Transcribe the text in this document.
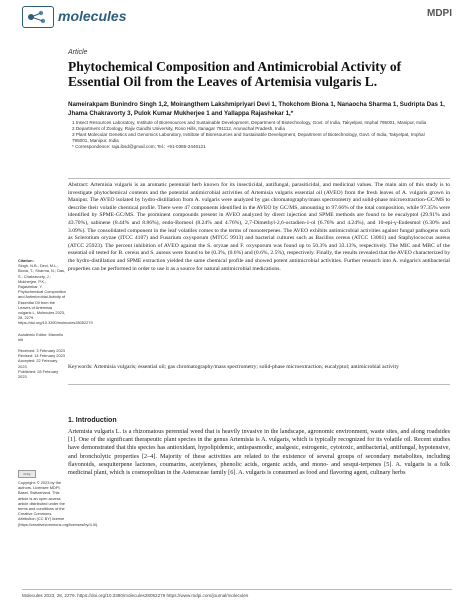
molecules	MDPI
Article
Phytochemical Composition and Antimicrobial Activity of Essential Oil from the Leaves of Artemisia vulgaris L.
Nameirakpam Bunindro Singh 1,2, Moirangthem Lakshmipriyari Devi 1, Thokchom Biona 1, Nanaocha Sharma 1, Sudripta Das 1, Jhama Chakravorty 3, Pulok Kumar Mukherjee 1 and Yallappa Rajashekar 1,*
1 Insect Resources Laboratory, Institute of Bioresources and Sustainable Development, Department of Biotechnology, Govt. of India, Takyelpat, Imphal 795001, Manipur, India
2 Department of Zoology, Rajiv Gandhi University, Rono Hills, Itanagar 791112, Arunachal Pradesh, India
3 Plant Molecular Genetics and Genomics Laboratory, Institute of Bioresources and Sustainable Development, Department of Biotechnology, Govt. of India, Takyelpat, Imphal 795001, Manipur, India
* Correspondence: raja.ibsd@gmail.com; Tel.: +91-0385-2446121
Abstract: Artemisia vulgaris is an aromatic perennial herb known for its insecticidal, antifungal, parasiticidal, and medicinal values. The main aim of this study is to investigate phytochemical contents and the potential antimicrobial activities of Artemisia vulgaris essential oil (AVEO) from the fresh leaves of A. vulgaris grown in Manipur. The AVEO isolated by hydro-distillation from A. vulgaris were analyzed by gas chromatography/mass spectrometry and solid-phase microextraction-GC/MS to describe their volatile chemical profile. There were 47 components identified in the AVEO by GC/MS, amounting to 97.66% of the total composition, while 97.35% were identified by SPME-GC/MS. The prominent compounds present in AVEO analyzed by direct injection and SPME methods are found to be eucalyptol (29.91% and 43.70%), sabinene (8.44% and 8.86%), endo-Borneol (8.24% and 4.76%), 2,7-Dimethyl-2,6-octadien-1-ol (6.76% and 4.24%), and 10-epi-γ-Eudesmol (6.30% and 3.09%). The consolidated component in the leaf volatiles comes to the terms of monoterpenes. The AVEO exhibits antimicrobial activities against fungal pathogens such as Sclerotium oryzae (ITCC 4107) and Fusarium oxysporum (MTCC 9913) and bacterial cultures such as Bacillus cereus (ATCC 13061) and Staphylococcus aureus (ATCC 25923). The percent inhibition of AVEO against the S. oryzae and F. oxysporum was found up to 50.3% and 33.13%, respectively. The MIC and MBC of the essential oil tested for B. cereus and S. aureus were found to be (0.3%, (0.6%) and (0.6%, 2.5%), respectively. Finally, the results revealed that the AVEO characterized by the hydro-distillation and SPME extraction yielded the same chemical profile and showed potent antimicrobial activities. Further research into A. vulgaris's antibacterial properties can be performed in order to use it as a source for natural antimicrobial medications.
Keywords: Artemisia vulgaris; essential oil; gas chromatography/mass spectrometry; solid-phase microextraction; eucalyptol; antimicrobial activity
Citation:
Singh, N.B.; Devi, M.L.; Biona, T.; Sharma, N.; Das, S.; Chakravorty, J.; Mukherjee, P.K.; Rajashekar, Y. Phytochemical Composition and Antimicrobial Activity of Essential Oil from the Leaves of Artemisia vulgaris L. Molecules 2023, 28, 2279. https://doi.org/10.3390/molecules28052279
Academic Editor: Marcello Iriti
Received: 3 February 2023
Revised: 14 February 2023
Accepted: 22 February 2023
Published: 28 February 2023
cc by
Copyright: © 2023 by the authors. Licensee MDPI, Basel, Switzerland. This article is an open access article distributed under the terms and conditions of the Creative Commons Attribution (CC BY) license (https://creativecommons.org/licenses/by/4.0/).
1. Introduction
Artemisia vulgaris L. is a rhizomatous perennial weed that is heavily invasive in the landscape, agronomic environment, waste sites, and along roadsides [1]. One of the significant therapeutic plant species in the genus Artemisia is A. vulgaris, which is typically recognized for its volatile oil. Recent studies have demonstrated that this species has antioxidant, hypolipidemic, antispasmodic, analgesic, estrogenic, cytotoxic, antibacterial, antifungal, hypotensive, and broncholytic properties [2–4]. Majority of these activities are related to the existence of several groups of secondary metabolites, including flavonoids, sesquiterpene lactones, coumarins, acetylenes, phenolic acids, organic acids, and mono- and sesqui-terpenes [5]. A. vulgaris is a folk medicinal plant, which is cosmopolitan in the Asteraceae family [6]. A. vulgaris is consumed as food and flavoring agent, culinary herbs
Molecules 2023, 28, 2279. https://doi.org/10.3390/molecules28052279 https://www.mdpi.com/journal/molecules
